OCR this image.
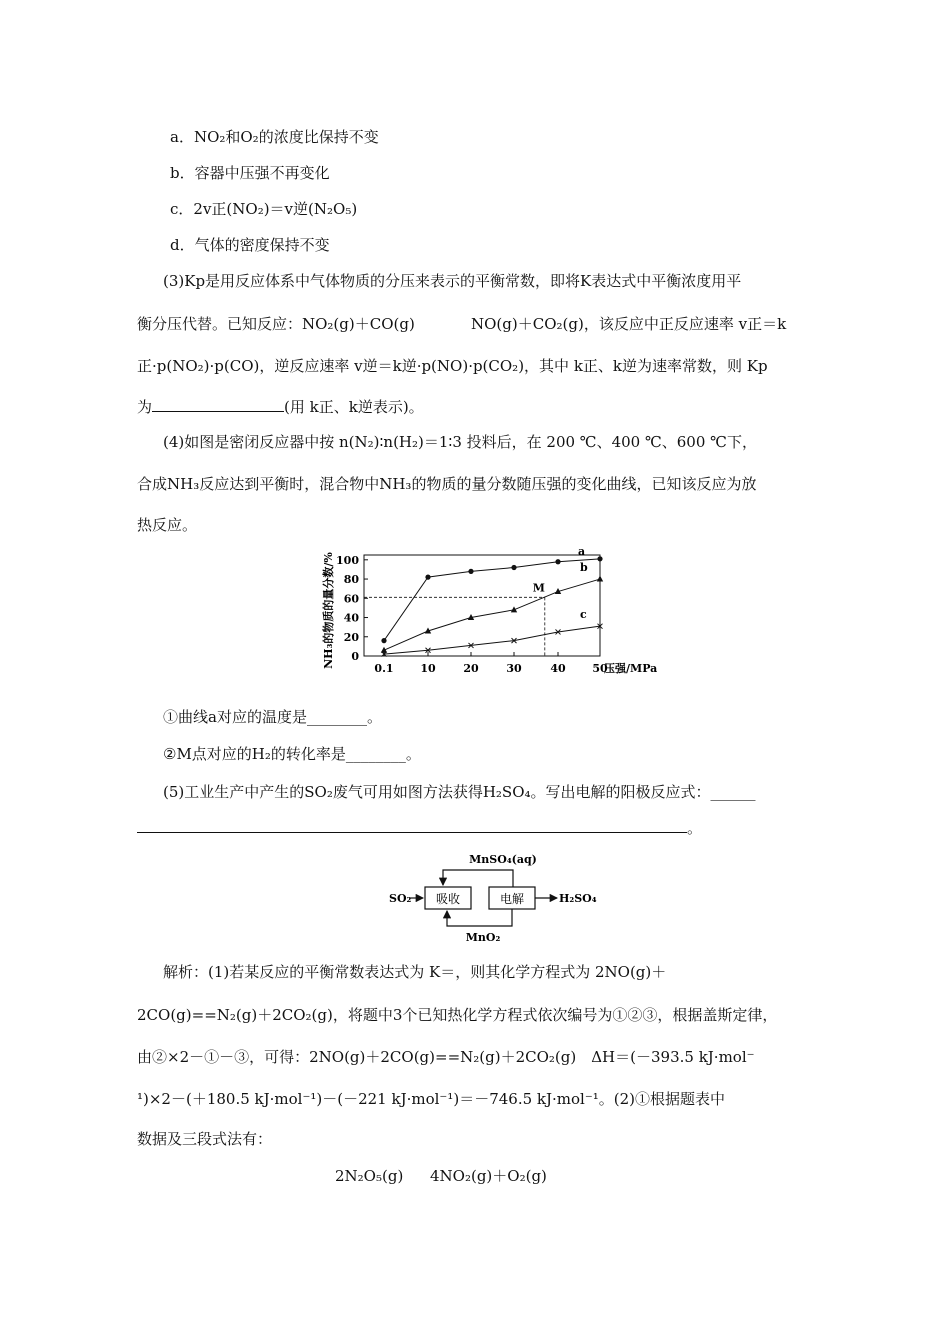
a．NO₂和O₂的浓度比保持不变
b．容器中压强不再变化
c．2v正(NO₂)＝v逆(N₂O₅)
d．气体的密度保持不变
(3)Kp是用反应体系中气体物质的分压来表示的平衡常数，即将K表达式中平衡浓度用平
衡分压代替。已知反应：NO₂(g)＋CO(g)	NO(g)＋CO₂(g)，该反应中正反应速率 v正＝k
正·p(NO₂)·p(CO)，逆反应速率 v逆＝k逆·p(NO)·p(CO₂)，其中 k正、k逆为速率常数，则 Kp
为	(用 k正、k逆表示)。
(4)如图是密闭反应器中按 n(N₂)∶n(H₂)＝1∶3 投料后，在 200 ℃、400 ℃、600 ℃下，
合成NH₃反应达到平衡时，混合物中NH₃的物质的量分数随压强的变化曲线，已知该反应为放
热反应。
0
20
40
60
80
100
0.1 10	20	30	40 50
压强/MPa
NH₃的物质的量分数/%
a
b
c
M
①曲线a对应的温度是________。
②M点对应的H₂的转化率是________。
(5)工业生产中产生的SO₂废气可用如图方法获得H₂SO₄。写出电解的阳极反应式：______
。
MnSO₄(aq)
SO₂ 吸收	电解	H₂SO₄
MnO₂
解析：(1)若某反应的平衡常数表达式为 K＝，则其化学方程式为 2NO(g)＋
2CO(g)==N₂(g)＋2CO₂(g)，将题中3个已知热化学方程式依次编号为①②③，根据盖斯定律，
由②×2－①－③，可得：2NO(g)＋2CO(g)==N₂(g)＋2CO₂(g)　ΔH＝(－393.5 kJ·mol⁻
¹)×2－(＋180.5 kJ·mol⁻¹)－(－221 kJ·mol⁻¹)＝－746.5 kJ·mol⁻¹。(2)①根据题表中
数据及三段式法有：
2N₂O₅(g) 4NO₂(g)＋O₂(g)
